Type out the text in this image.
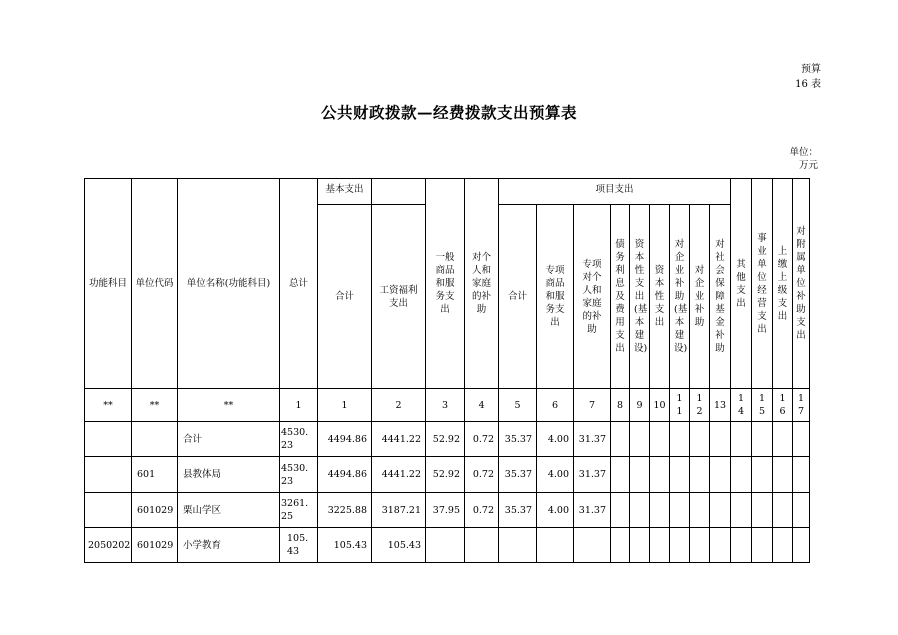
预算
16 表
公共财政拨款—经费拨款支出预算表
单位：
万元
功能科目	单位代码	单位名称(功能科目)	总计	基本支出		一般商品和服务支出	对个人和家庭的补助	项目支出									其他支出	事业单位经营支出	上缴上级支出	对附属单位补助支出

				合计	工资福利支出			合计	专项商品和服务支出	专项对个人和家庭的补助	债务利息及费用支出	资本性支出(基本建设)	资本性支出	对企业补助(基本建设)	对企业补助	对社会保障基金补助				

**	**	**	1	1	2	3	4	5	6	7	8	9	10	11	12	13	14	15	16	17

		合计	4530.23	4494.86	4441.22	52.92	0.72	35.37	4.00	31.37										
	601	县教体局	4530.23	4494.86	4441.22	52.92	0.72	35.37	4.00	31.37										
	601029	栗山学区	3261.25	3225.88	3187.21	37.95	0.72	35.37	4.00	31.37										
2050202	601029	小学教育	105.43	105.43	105.43															
